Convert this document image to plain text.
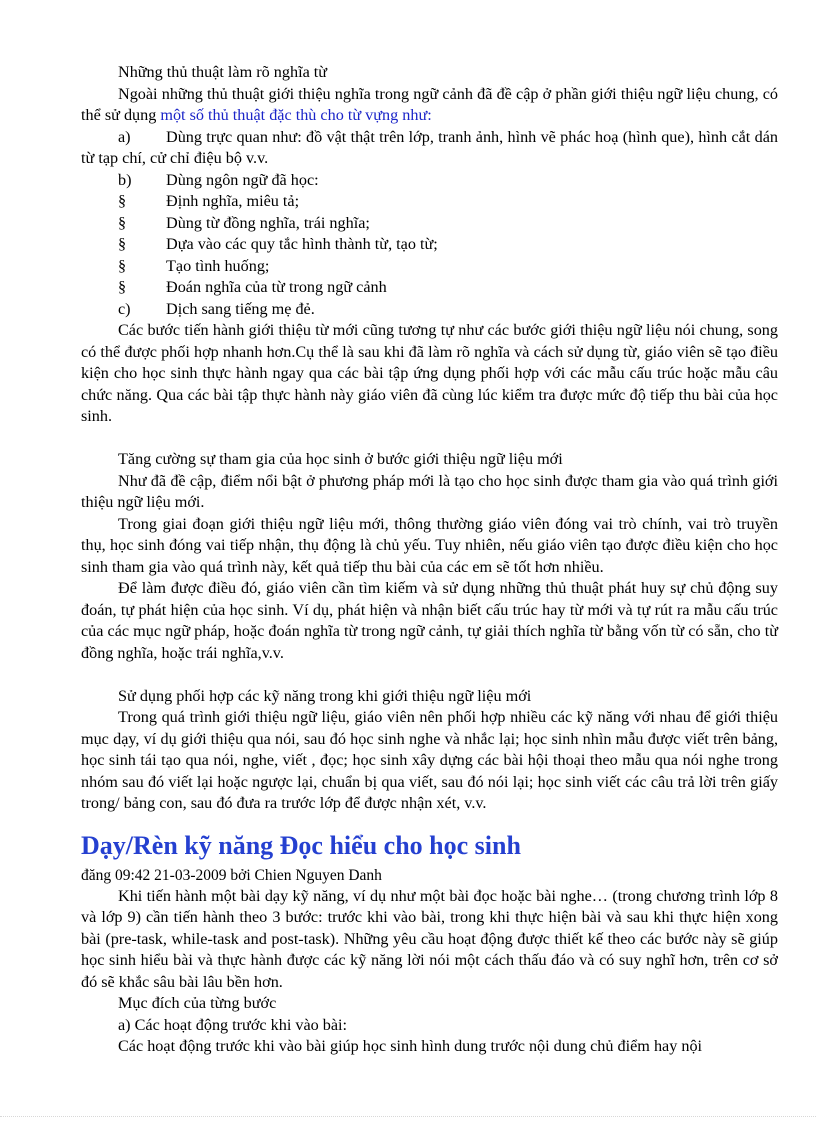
Những thủ thuật làm rõ nghĩa từ

Ngoài những thủ thuật giới thiệu nghĩa trong ngữ cảnh đã đề cập ở phần giới thiệu ngữ liệu chung, có thể sử dụng một số thủ thuật đặc thù cho từ vựng như:

a) Dùng trực quan như: đồ vật thật trên lớp, tranh ảnh, hình vẽ phác hoạ (hình que), hình cắt dán từ tạp chí, cử chỉ điệu bộ v.v.
b)	Dùng ngôn ngữ đã học:
§	Định nghĩa, miêu tả;
§	Dùng từ đồng nghĩa, trái nghĩa;
§	Dựa vào các quy tắc hình thành từ, tạo từ;
§	Tạo tình huống;
§	Đoán nghĩa của từ trong ngữ cảnh
c)	Dịch sang tiếng mẹ đẻ.

Các bước tiến hành giới thiệu từ mới cũng tương tự như các bước giới thiệu ngữ liệu nói chung, song có thể được phối hợp nhanh hơn.Cụ thể là sau khi đã làm rõ nghĩa và cách sử dụng từ, giáo viên sẽ tạo điều kiện cho học sinh thực hành ngay qua các bài tập ứng dụng phối hợp với các mẫu cấu trúc hoặc mẫu câu chức năng. Qua các bài tập thực hành này giáo viên đã cùng lúc kiểm tra được mức độ tiếp thu bài của học sinh.

Tăng cường sự tham gia của học sinh ở bước giới thiệu ngữ liệu mới

Như đã đề cập, điểm nổi bật ở phương pháp mới là tạo cho học sinh được tham gia vào quá trình giới thiệu ngữ liệu mới.

Trong giai đoạn giới thiệu ngữ liệu mới, thông thường giáo viên đóng vai trò chính, vai trò truyền thụ, học sinh đóng vai tiếp nhận, thụ động là chủ yếu. Tuy nhiên, nếu giáo viên tạo được điều kiện cho học sinh tham gia vào quá trình này, kết quả tiếp thu bài của các em sẽ tốt hơn nhiều.

Để làm được điều đó, giáo viên cần tìm kiếm và sử dụng những thủ thuật phát huy sự chủ động suy đoán, tự phát hiện của học sinh. Ví dụ, phát hiện và nhận biết cấu trúc hay từ mới và tự rút ra mẫu cấu trúc của các mục ngữ pháp, hoặc đoán nghĩa từ trong ngữ cảnh, tự giải thích nghĩa từ bằng vốn từ có sẵn, cho từ đồng nghĩa, hoặc trái nghĩa,v.v.

Sử dụng phối hợp các kỹ năng trong khi giới thiệu ngữ liệu mới

Trong quá trình giới thiệu ngữ liệu, giáo viên nên phối hợp nhiều các kỹ năng với nhau để giới thiệu mục dạy, ví dụ giới thiệu qua nói, sau đó học sinh nghe và nhắc lại; học sinh nhìn mẫu được viết trên bảng, học sinh tái tạo qua nói, nghe, viết , đọc; học sinh xây dựng các bài hội thoại theo mẫu qua nói nghe trong nhóm sau đó viết lại hoặc ngược lại, chuẩn bị qua viết, sau đó nói lại; học sinh viết các câu trả lời trên giấy trong/ bảng con, sau đó đưa ra trước lớp để được nhận xét, v.v.

Dạy/Rèn kỹ năng Đọc hiểu cho học sinh

đăng 09:42 21-03-2009 bởi Chien Nguyen Danh

Khi tiến hành một bài dạy kỹ năng, ví dụ như một bài đọc hoặc bài nghe… (trong chương trình lớp 8 và lớp 9) cần tiến hành theo 3 bước: trước khi vào bài, trong khi thực hiện bài và sau khi thực hiện xong bài (pre-task, while-task and post-task). Những yêu cầu hoạt động được thiết kế theo các bước này sẽ giúp học sinh hiểu bài và thực hành được các kỹ năng lời nói một cách thấu đáo và có suy nghĩ hơn, trên cơ sở đó sẽ khắc sâu bài lâu bền hơn.

Mục đích của từng bước

a) Các hoạt động trước khi vào bài:

Các hoạt động trước khi vào bài giúp học sinh hình dung trước nội dung chủ điểm hay nội
